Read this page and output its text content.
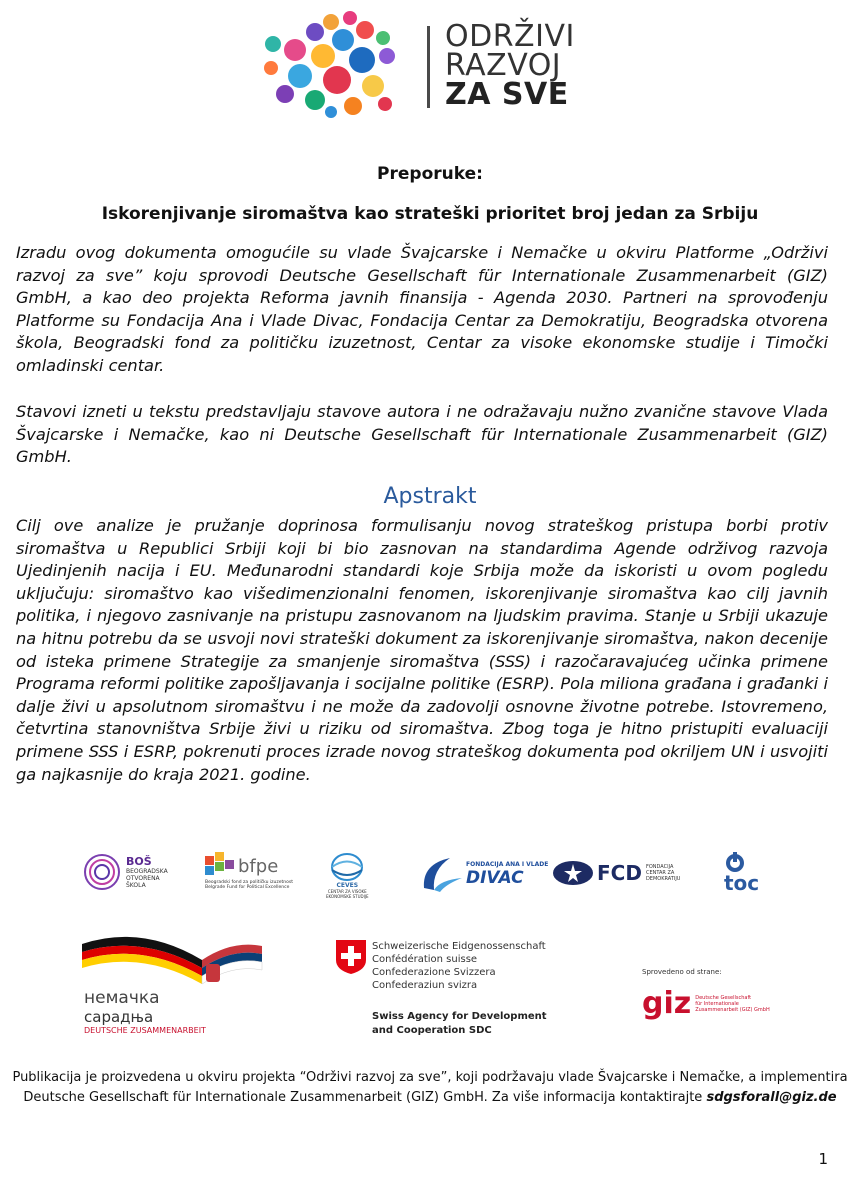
ODRŽIVI
RAZVOJ
ZA SVE
Preporuke:
Iskorenjivanje siromaštva kao strateški prioritet broj jedan za Srbiju
Izradu ovog dokumenta omogućile su vlade Švajcarske i Nemačke u okviru Platforme „Održivi razvoj za sve” koju sprovodi Deutsche Gesellschaft für Internationale Zusammenarbeit (GIZ) GmbH, a kao deo projekta Reforma javnih finansija - Agenda 2030. Partneri na sprovođenju Platforme su Fondacija Ana i Vlade Divac, Fondacija Centar za Demokratiju, Beogradska otvorena škola, Beogradski fond za političku izuzetnost, Centar za visoke ekonomske studije i Timočki omladinski centar.
Stavovi izneti u tekstu predstavljaju stavove autora i ne odražavaju nužno zvanične stavove Vlada Švajcarske i Nemačke, kao ni Deutsche Gesellschaft für Internationale Zusammenarbeit (GIZ) GmbH.
Apstrakt
Cilj ove analize je pružanje doprinosa formulisanju novog strateškog pristupa borbi protiv siromaštva u Republici Srbiji koji bi bio zasnovan na standardima Agende održivog razvoja Ujedinjenih nacija i EU. Međunarodni standardi koje Srbija može da iskoristi u ovom pogledu uključuju: siromaštvo kao višedimenzionalni fenomen, iskorenjivanje siromaštva kao cilj javnih politika, i njegovo zasnivanje na pristupu zasnovanom na ljudskim pravima. Stanje u Srbiji ukazuje na hitnu potrebu da se usvoji novi strateški dokument za iskorenjivanje siromaštva, nakon decenije od isteka primene Strategije za smanjenje siromaštva (SSS) i razočaravajućeg učinka primene Programa reformi politike zapošljavanja i socijalne politike (ESRP). Pola miliona građana i građanki i dalje živi u apsolutnom siromaštvu i ne može da zadovolji osnovne životne potrebe. Istovremeno, četvrtina stanovništva Srbije živi u riziku od siromaštva. Zbog toga je hitno pristupiti evaluaciji primene SSS i ESRP, pokrenuti proces izrade novog strateškog dokumenta pod okriljem UN i usvojiti ga najkasnije do kraja 2021. godine.
BOŠ
BEOGRADSKA
OTVORENA
ŠKOLA
bfpe
Beogradski fond za političku izuzetnost
Belgrade Fund for Political Excellence	CEVES
CENTAR ZA VISOKE
EKONOMSKE STUDIJE
FONDACIJA ANA I VLADE
DIVAC	FCD FONDACIJA
CENTAR ZA
DEMOKRATIJU toc
немачка
сарадња
DEUTSCHE ZUSAMMENARBEIT
Schweizerische Eidgenossenschaft
Confédération suisse
Confederazione Svizzera
Confederaziun svizra
Swiss Agency for Development
and Cooperation SDC
Sprovedeno od strane:
giz Deutsche Gesellschaft
für Internationale
Zusammenarbeit (GIZ) GmbH
Publikacija je proizvedena u okviru projekta “Održivi razvoj za sve”, koji podržavaju vlade Švajcarske i Nemačke, a implementira Deutsche Gesellschaft für Internationale Zusammenarbeit (GIZ) GmbH. Za više informacija kontaktirajte sdgsforall@giz.de
1
